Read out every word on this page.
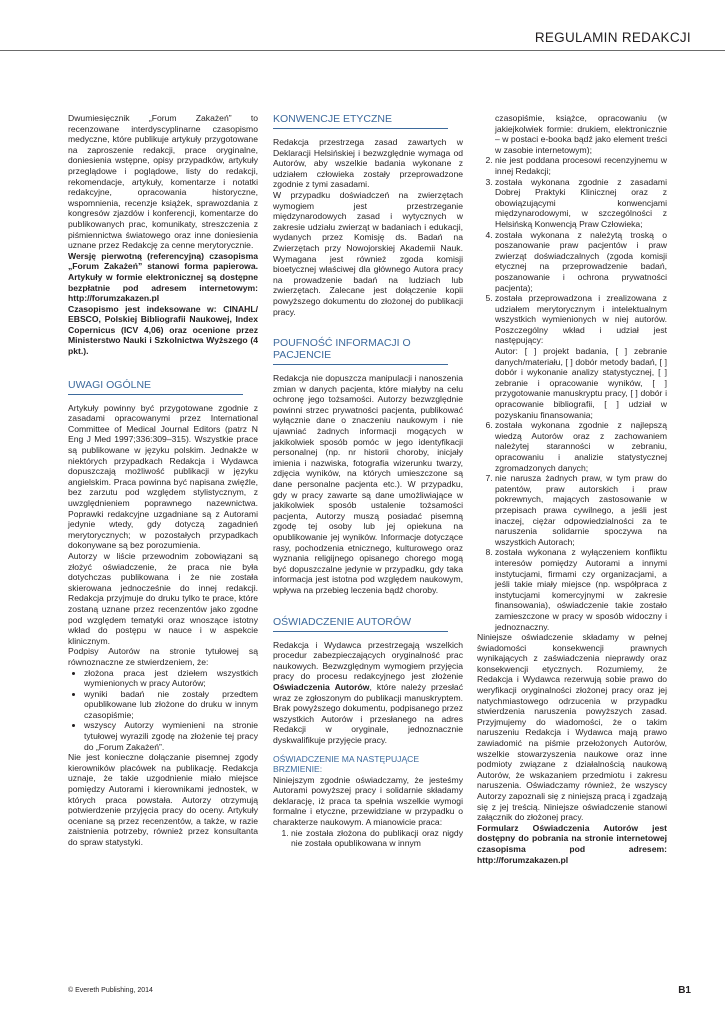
REGULAMIN REDAKCJI

Dwumiesięcznik „Forum Zakażeń” to recenzowane interdyscyplinarne czasopismo medyczne, które publikuje artykuły przygotowane na zaproszenie redakcji, prace oryginalne, doniesienia wstępne, opisy przypadków, artykuły przeglądowe i poglądowe, listy do redakcji, rekomendacje, artykuły, komentarze i notatki redakcyjne, opracowania historyczne, wspomnienia, recenzje książek, sprawozdania z kongresów zjazdów i konferencji, komentarze do publikowanych prac, komunikaty, streszczenia z piśmiennictwa światowego oraz inne doniesienia uznane przez Redakcję za cenne merytorycznie.

Wersję pierwotną (referencyjną) czasopisma „Forum Zakażeń” stanowi forma papierowa. Artykuły w formie elektronicznej są dostępne bezpłatnie pod adresem internetowym: http://forumzakazen.pl

Czasopismo jest indeksowane w: CINAHL/ EBSCO, Polskiej Bibliografii Naukowej, Index Copernicus (ICV 4,06) oraz ocenione przez Ministerstwo Nauki i Szkolnictwa Wyższego (4 pkt.).

UWAGI OGÓLNE

Artykuły powinny być przygotowane zgodnie z zasadami opracowanymi przez International Committee of Medical Journal Editors (patrz N Eng J Med 1997;336:309–315). Wszystkie prace są publikowane w języku polskim. Jednakże w niektórych przypadkach Redakcja i Wydawca dopuszczają możliwość publikacji w języku angielskim. Praca powinna być napisana zwięźle, bez zarzutu pod względem stylistycznym, z uwzględnieniem poprawnego nazewnictwa. Poprawki redakcyjne uzgadniane są z Autorami jedynie wtedy, gdy dotyczą zagadnień merytorycznych; w pozostałych przypadkach dokonywane są bez porozumienia.

Autorzy w liście przewodnim zobowiązani są złożyć oświadczenie, że praca nie była dotychczas publikowana i że nie została skierowana jednocześnie do innej redakcji. Redakcja przyjmuje do druku tylko te prace, które zostaną uznane przez recenzentów jako zgodne pod względem tematyki oraz wnoszące istotny wkład do postępu w nauce i w aspekcie klinicznym.

Podpisy Autorów na stronie tytułowej są równoznaczne ze stwierdzeniem, że:

• złożona praca jest dziełem wszystkich wymienionych w pracy Autorów;
• wyniki badań nie zostały przedtem opublikowane lub złożone do druku w innym czasopiśmie;
• wszyscy Autorzy wymienieni na stronie tytułowej wyrazili zgodę na złożenie tej pracy do „Forum Zakażeń”.

Nie jest konieczne dołączanie pisemnej zgody kierowników placówek na publikację. Redakcja uznaje, że takie uzgodnienie miało miejsce pomiędzy Autorami i kierownikami jednostek, w których praca powstała. Autorzy otrzymują potwierdzenie przyjęcia pracy do oceny. Artykuły oceniane są przez recenzentów, a także, w razie zaistnienia potrzeby, również przez konsultanta do spraw statystyki.

KONWENCJE ETYCZNE

Redakcja przestrzega zasad zawartych w Deklaracji Helsińskiej i bezwzględnie wymaga od Autorów, aby wszelkie badania wykonane z udziałem człowieka zostały przeprowadzone zgodnie z tymi zasadami.

W przypadku doświadczeń na zwierzętach wymogiem jest przestrzeganie międzynarodowych zasad i wytycznych w zakresie udziału zwierząt w badaniach i edukacji, wydanych przez Komisję ds. Badań na Zwierzętach przy Nowojorskiej Akademii Nauk. Wymagana jest również zgoda komisji bioetycznej właściwej dla głównego Autora pracy na prowadzenie badań na ludziach lub zwierzętach. Zalecane jest dołączenie kopii powyższego dokumentu do złożonej do publikacji pracy.

POUFNOŚĆ INFORMACJI O PACJENCIE

Redakcja nie dopuszcza manipulacji i nanoszenia zmian w danych pacjenta, które miałyby na celu ochronę jego tożsamości. Autorzy bezwzględnie powinni strzec prywatności pacjenta, publikować wyłącznie dane o znaczeniu naukowym i nie ujawniać żadnych informacji mogących w jakikolwiek sposób pomóc w jego identyfikacji personalnej (np. nr historii choroby, inicjały imienia i nazwiska, fotografia wizerunku twarzy, zdjęcia wyników, na których umieszczone są dane personalne pacjenta etc.). W przypadku, gdy w pracy zawarte są dane umożliwiające w jakikolwiek sposób ustalenie tożsamości pacjenta, Autorzy muszą posiadać pisemną zgodę tej osoby lub jej opiekuna na opublikowanie jej wyników. Informacje dotyczące rasy, pochodzenia etnicznego, kulturowego oraz wyznania religijnego opisanego chorego mogą być dopuszczalne jedynie w przypadku, gdy taka informacja jest istotna pod względem naukowym, wpływa na przebieg leczenia bądź choroby.

OŚWIADCZENIE AUTORÓW

Redakcja i Wydawca przestrzegają wszelkich procedur zabezpieczających oryginalność prac naukowych. Bezwzględnym wymogiem przyjęcia pracy do procesu redakcyjnego jest złożenie Oświadczenia Autorów, które należy przesłać wraz ze zgłoszonym do publikacji manuskryptem. Brak powyższego dokumentu, podpisanego przez wszystkich Autorów i przesłanego na adres Redakcji w oryginale, jednoznacznie dyskwalifikuje przyjęcie pracy.

OŚWIADCZENIE MA NASTĘPUJĄCE BRZMIENIE:

Niniejszym zgodnie oświadczamy, że jesteśmy Autorami powyższej pracy i solidarnie składamy deklarację, iż praca ta spełnia wszelkie wymogi formalne i etyczne, przewidziane w przypadku o charakterze naukowym. A mianowicie praca:

1. nie została złożona do publikacji oraz nigdy nie została opublikowana w innym

czasopiśmie, książce, opracowaniu (w jakiejkolwiek formie: drukiem, elektronicznie – w postaci e-booka bądź jako element treści w zasobie internetowym);

2. nie jest poddana procesowi recenzyjnemu w innej Redakcji;
3. została wykonana zgodnie z zasadami Dobrej Praktyki Klinicznej oraz z obowiązującymi konwencjami międzynarodowymi, w szczególności z Helsińską Konwencją Praw Człowieka;
4. została wykonana z należytą troską o poszanowanie praw pacjentów i praw zwierząt doświadczalnych (zgoda komisji etycznej na przeprowadzenie badań, poszanowanie i ochrona prywatności pacjenta);
5. została przeprowadzona i zrealizowana z udziałem merytorycznym i intelektualnym wszystkich wymienionych w niej autorów. Poszczególny wkład i udział jest następujący:
Autor: [ ] projekt badania, [ ] zebranie danych/materiału, [ ] dobór metody badań, [ ] dobór i wykonanie analizy statystycznej, [ ] zebranie i opracowanie wyników, [ ] przygotowanie manuskryptu pracy, [ ] dobór i opracowanie bibliografii, [ ] udział w pozyskaniu finansowania;
6. została wykonana zgodnie z najlepszą wiedzą Autorów oraz z zachowaniem należytej staranności w zebraniu, opracowaniu i analizie statystycznej zgromadzonych danych;
7. nie narusza żadnych praw, w tym praw do patentów, praw autorskich i praw pokrewnych, mających zastosowanie w przepisach prawa cywilnego, a jeśli jest inaczej, ciężar odpowiedzialności za te naruszenia solidarnie spoczywa na wszystkich Autorach;
8. została wykonana z wyłączeniem konfliktu interesów pomiędzy Autorami a innymi instytucjami, firmami czy organizacjami, a jeśli takie miały miejsce (np. współpraca z instytucjami komercyjnymi w zakresie finansowania), oświadczenie takie zostało zamieszczone w pracy w sposób widoczny i jednoznaczny.

Niniejsze oświadczenie składamy w pełnej świadomości konsekwencji prawnych wynikających z zaświadczenia nieprawdy oraz konsekwencji etycznych. Rozumiemy, że Redakcja i Wydawca rezerwują sobie prawo do weryfikacji oryginalności złożonej pracy oraz jej natychmiastowego odrzucenia w przypadku stwierdzenia naruszenia powyższych zasad. Przyjmujemy do wiadomości, że o takim naruszeniu Redakcja i Wydawca mają prawo zawiadomić na piśmie przełożonych Autorów, wszelkie stowarzyszenia naukowe oraz inne podmioty związane z działalnością naukową Autorów, że wskazaniem przedmiotu i zakresu naruszenia. Oświadczamy również, że wszyscy Autorzy zapoznali się z niniejszą pracą i zgadzają się z jej treścią. Niniejsze oświadczenie stanowi załącznik do złożonej pracy.

Formularz Oświadczenia Autorów jest dostępny do pobrania na stronie internetowej czasopisma pod adresem: http://forumzakazen.pl

© Evereth Publishing, 2014	B1
